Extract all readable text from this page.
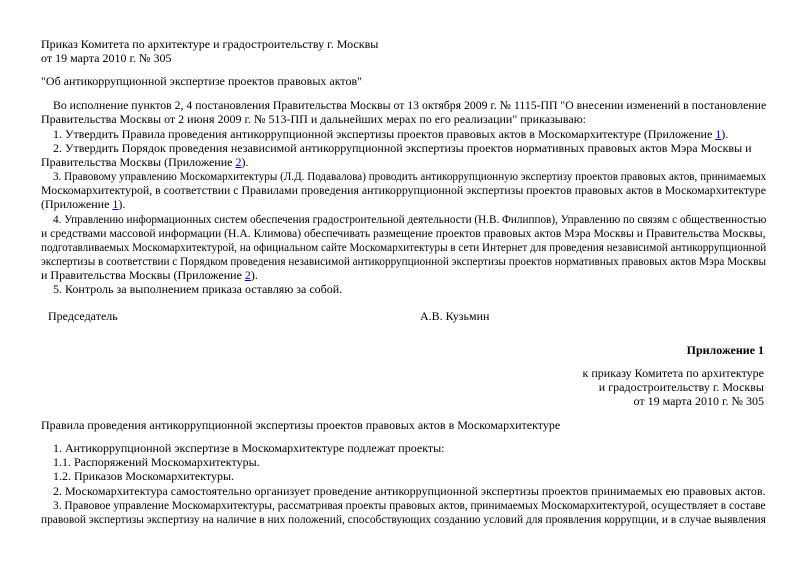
Приказ Комитета по архитектуре и градостроительству г. Москвы
от 19 марта 2010 г. № 305
"Об антикоррупционной экспертизе проектов правовых актов"
Во исполнение пунктов 2, 4 постановления Правительства Москвы от 13 октября 2009 г. № 1115-ПП "О внесении изменений в постановление
Правительства Москвы от 2 июня 2009 г. № 513-ПП и дальнейших мерах по его реализации" приказываю:
1. Утвердить Правила проведения антикоррупционной экспертизы проектов правовых актов в Москомархитектуре (Приложение 1).
2. Утвердить Порядок проведения независимой антикоррупционной экспертизы проектов нормативных правовых актов Мэра Москвы и
Правительства Москвы (Приложение 2).
3. Правовому управлению Москомархитектуры (Л.Д. Подавалова) проводить антикоррупционную экспертизу проектов правовых актов, принимаемых
Москомархитектурой, в соответствии с Правилами проведения антикоррупционной экспертизы проектов правовых актов в Москомархитектуре
(Приложение 1).
4. Управлению информационных систем обеспечения градостроительной деятельности (Н.В. Филиппов), Управлению по связям с общественностью
и средствами массовой информации (Н.А. Климова) обеспечивать размещение проектов правовых актов Мэра Москвы и Правительства Москвы,
подготавливаемых Москомархитектурой, на официальном сайте Москомархитектуры в сети Интернет для проведения независимой антикоррупционной
экспертизы в соответствии с Порядком проведения независимой антикоррупционной экспертизы проектов нормативных правовых актов Мэра Москвы
и Правительства Москвы (Приложение 2).
5. Контроль за выполнением приказа оставляю за собой.
Председатель	А.В. Кузьмин
Приложение 1
к приказу Комитета по архитектуре
и градостроительству г. Москвы
от 19 марта 2010 г. № 305
Правила проведения антикоррупционной экспертизы проектов правовых актов в Москомархитектуре
1. Антикоррупционной экспертизе в Москомархитектуре подлежат проекты:
1.1. Распоряжений Москомархитектуры.
1.2. Приказов Москомархитектуры.
2. Москомархитектура самостоятельно организует проведение антикоррупционной экспертизы проектов принимаемых ею правовых актов.
3. Правовое управление Москомархитектуры, рассматривая проекты правовых актов, принимаемых Москомархитектурой, осуществляет в составе
правовой экспертизы экспертизу на наличие в них положений, способствующих созданию условий для проявления коррупции, и в случае выявления
